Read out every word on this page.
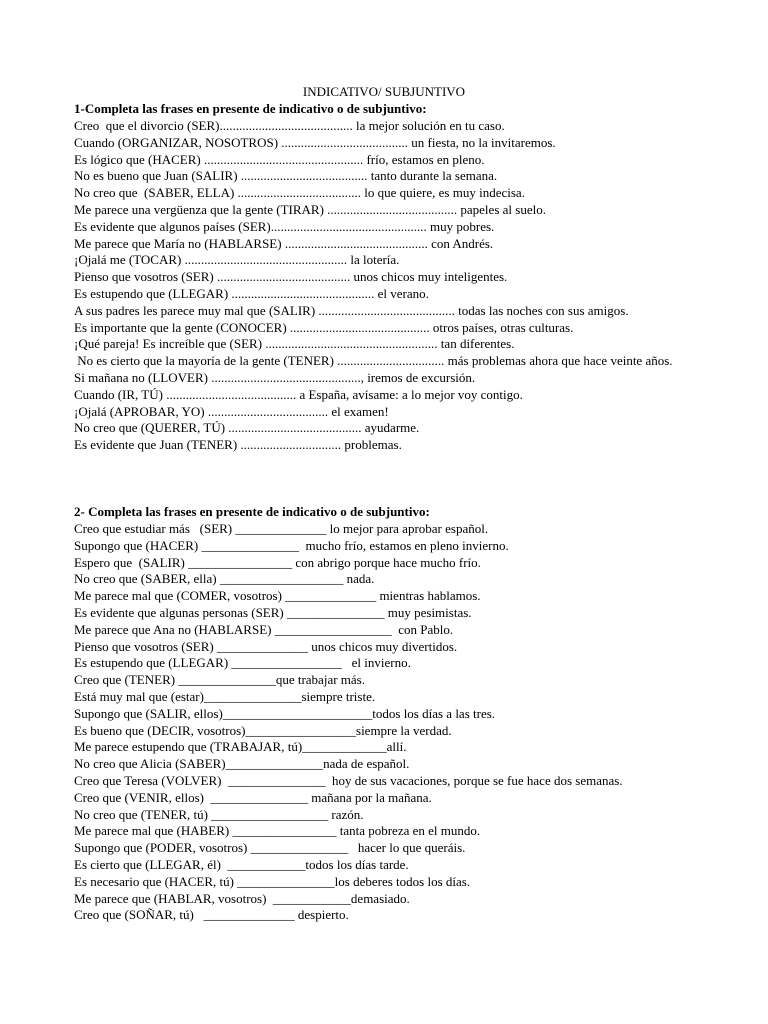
INDICATIVO/ SUBJUNTIVO
1-Completa las frases en presente de indicativo o de subjuntivo:

Creo  que el divorcio (SER)......................................... la mejor solución en tu caso.

Cuando (ORGANIZAR, NOSOTROS) ....................................... un fiesta, no la invitaremos.

Es lógico que (HACER) ................................................. frío, estamos en pleno.

No es bueno que Juan (SALIR) ....................................... tanto durante la semana.

No creo que  (SABER, ELLA) ...................................... lo que quiere, es muy indecisa.

Me parece una vergüenza que la gente (TIRAR) ........................................ papeles al suelo.

Es evidente que algunos países (SER)................................................ muy pobres.

Me parece que María no (HABLARSE) ............................................ con Andrés.

¡Ojalá me (TOCAR) .................................................. la lotería.

Pienso que vosotros (SER) ......................................... unos chicos muy inteligentes.

Es estupendo que (LLEGAR) ............................................ el verano.

A sus padres les parece muy mal que (SALIR) .......................................... todas las noches con sus amigos.

Es importante que la gente (CONOCER) ........................................... otros países, otras culturas.

¡Qué pareja! Es increíble que (SER) ..................................................... tan diferentes.

No es cierto que la mayoría de la gente (TENER) ................................. más problemas ahora que hace veinte años.

Si mañana no (LLOVER) .............................................., iremos de excursión.

Cuando (IR, TÚ) ........................................ a España, avísame: a lo mejor voy contigo.

¡Ojalá (APROBAR, YO) ..................................... el examen!

No creo que (QUERER, TÚ) ......................................... ayudarme.

Es evidente que Juan (TENER) ............................... problemas.

2- Completa las frases en presente de indicativo o de subjuntivo:

Creo que estudiar más   (SER) ______________ lo mejor para aprobar español.

Supongo que (HACER) _______________  mucho frío, estamos en pleno invierno.

Espero que  (SALIR) ________________ con abrigo porque hace mucho frío.

No creo que (SABER, ella) ___________________ nada.

Me parece mal que (COMER, vosotros) ______________ mientras hablamos.

Es evidente que algunas personas (SER) _______________ muy pesimistas.

Me parece que Ana no (HABLARSE) __________________  con Pablo.

Pienso que vosotros (SER) ______________ unos chicos muy divertidos.

Es estupendo que (LLEGAR) _________________   el invierno.

Creo que (TENER) _______________que trabajar más.

Está muy mal que (estar)_______________siempre triste.

Supongo que (SALIR, ellos)_______________________todos los días a las tres.

Es bueno que (DECIR, vosotros)_________________siempre la verdad.

Me parece estupendo que (TRABAJAR, tú)_____________allí.

No creo que Alicia (SABER)_______________nada de español.

Creo que Teresa (VOLVER)  _______________  hoy de sus vacaciones, porque se fue hace dos semanas.

Creo que (VENIR, ellos)  _______________ mañana por la mañana.

No creo que (TENER, tú) __________________ razón.

Me parece mal que (HABER) ________________ tanta pobreza en el mundo.

Supongo que (PODER, vosotros) _______________   hacer lo que queráis.

Es cierto que (LLEGAR, él)  ____________todos los días tarde.

Es necesario que (HACER, tú) _______________los deberes todos los días.

Me parece que (HABLAR, vosotros)  ____________demasiado.

Creo que (SOÑAR, tú)   ______________ despierto.
